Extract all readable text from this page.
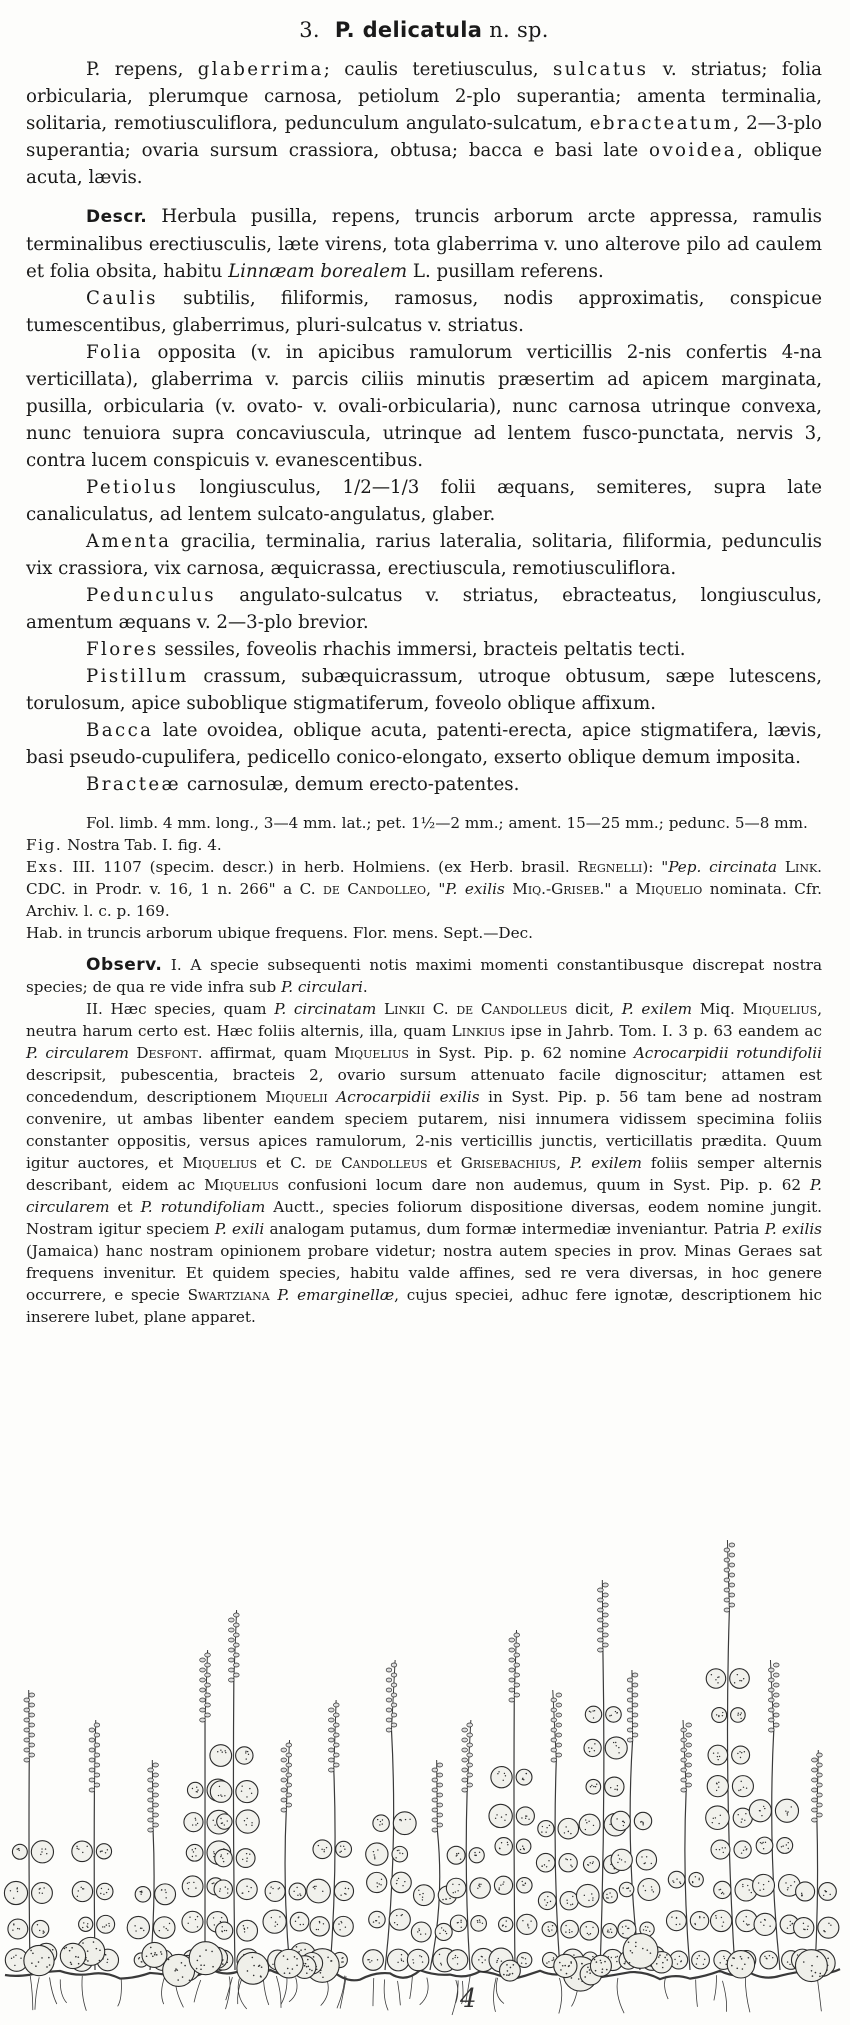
3. P. delicatula n. sp.

P. repens, glaberrima; caulis teretiusculus, sulcatus v. striatus; folia orbicularia, plerumque carnosa, petiolum 2-plo superantia; amenta terminalia, solitaria, remotiusculiflora, pedunculum angulato-sulcatum, ebracteatum, 2—3-plo superantia; ovaria sursum crassiora, obtusa; bacca e basi late ovoidea, oblique acuta, lævis.

Descr. Herbula pusilla, repens, truncis arborum arcte appressa, ramulis terminalibus erectiusculis, læte virens, tota glaberrima v. uno alterove pilo ad caulem et folia obsita, habitu Linnæam borealem L. pusillam referens.

Caulis subtilis, filiformis, ramosus, nodis approximatis, conspicue tumescentibus, glaberrimus, pluri-sulcatus v. striatus.

Folia opposita (v. in apicibus ramulorum verticillis 2-nis confertis 4-na verticillata), glaberrima v. parcis ciliis minutis præsertim ad apicem marginata, pusilla, orbicularia (v. ovato- v. ovali-orbicularia), nunc carnosa utrinque convexa, nunc tenuiora supra concaviuscula, utrinque ad lentem fusco-punctata, nervis 3, contra lucem conspicuis v. evanescentibus.

Petiolus longiusculus, 1/2—1/3 folii æquans, semiteres, supra late canaliculatus, ad lentem sulcato-angulatus, glaber.

Amenta gracilia, terminalia, rarius lateralia, solitaria, filiformia, pedunculis vix crassiora, vix carnosa, æquicrassa, erectiuscula, remotiusculiflora.

Pedunculus angulato-sulcatus v. striatus, ebracteatus, longiusculus, amentum æquans v. 2—3-plo brevior.

Flores sessiles, foveolis rhachis immersi, bracteis peltatis tecti.

Pistillum crassum, subæquicrassum, utroque obtusum, sæpe lutescens, torulosum, apice suboblique stigmatiferum, foveolo oblique affixum.

Bacca late ovoidea, oblique acuta, patenti-erecta, apice stigmatifera, lævis, basi pseudo-cupulifera, pedicello conico-elongato, exserto oblique demum imposita.

Bracteæ carnosulæ, demum erecto-patentes.

Fol. limb. 4 mm. long., 3—4 mm. lat.; pet. 1½—2 mm.; ament. 15—25 mm.; pedunc. 5—8 mm.

Fig. Nostra Tab. I. fig. 4.

Exs. III. 1107 (specim. descr.) in herb. Holmiens. (ex Herb. brasil. Regnelli): "Pep. circinata Link. CDC. in Prodr. v. 16, 1 n. 266" a C. de Candolleo, "P. exilis Miq.-Griseb." a Miquelio nominata. Cfr. Archiv. l. c. p. 169.

Hab. in truncis arborum ubique frequens. Flor. mens. Sept.—Dec.

Observ. I. A specie subsequenti notis maximi momenti constantibusque discrepat nostra species; de qua re vide infra sub P. circulari.

II. Hæc species, quam P. circinatam Linkii C. de Candolleus dicit, P. exilem Miq. Miquelius, neutra harum certo est. Hæc foliis alternis, illa, quam Linkius ipse in Jahrb. Tom. I. 3 p. 63 eandem ac P. circularem Desfont. affirmat, quam Miquelius in Syst. Pip. p. 62 nomine Acrocarpidii rotundifolii descripsit, pubescentia, bracteis 2, ovario sursum attenuato facile dignoscitur; attamen est concedendum, descriptionem Miquelii Acrocarpidii exilis in Syst. Pip. p. 56 tam bene ad nostram convenire, ut ambas libenter eandem speciem putarem, nisi innumera vidissem specimina foliis constanter oppositis, versus apices ramulorum, 2-nis verticillis junctis, verticillatis prædita. Quum igitur auctores, et Miquelius et C. de Candolleus et Grisebachius, P. exilem foliis semper alternis describant, eidem ac Miquelius confusioni locum dare non audemus, quum in Syst. Pip. p. 62 P. circularem et P. rotundifoliam Auctt., species foliorum dispositione diversas, eodem nomine jungit. Nostram igitur speciem P. exili analogam putamus, dum formæ intermediæ inveniantur. Patria P. exilis (Jamaica) hanc nostram opinionem probare videtur; nostra autem species in prov. Minas Geraes sat frequens invenitur. Et quidem species, habitu valde affines, sed re vera diversas, in hoc genere occurrere, e specie Swartziana P. emarginellæ, cujus speciei, adhuc fere ignotæ, descriptionem hic inserere lubet, plane apparet.

4
